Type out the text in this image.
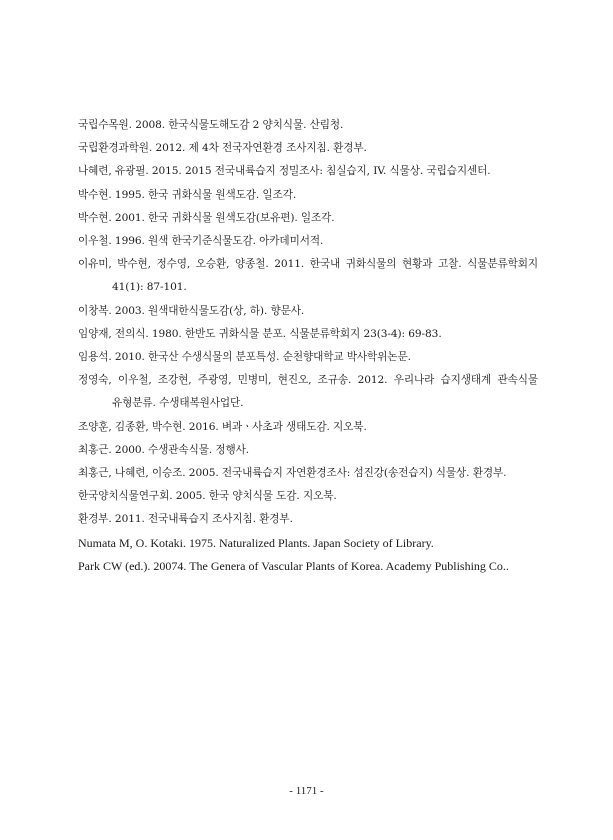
국립수목원. 2008. 한국식물도해도감 2 양치식물. 산림청.
국립환경과학원. 2012. 제 4차 전국자연환경 조사지침. 환경부.
나혜련, 유광필. 2015. 2015 전국내륙습지 정밀조사: 침실습지, IV. 식물상. 국립습지센터.
박수현. 1995. 한국 귀화식물 원색도감. 일조각.
박수현. 2001. 한국 귀화식물 원색도감(보유편). 일조각.
이우철. 1996. 원색 한국기준식물도감. 아카데미서적.
이유미, 박수현, 정수영, 오승환, 양종철. 2011. 한국내 귀화식물의 현황과 고찰. 식물분류학회지 41(1): 87-101.
이창복. 2003. 원색대한식물도감(상, 하). 향문사.
임양재, 전의식. 1980. 한반도 귀화식물 분포. 식물분류학회지 23(3-4): 69-83.
임용석. 2010. 한국산 수생식물의 분포특성. 순천향대학교 박사학위논문.
정영숙, 이우철, 조강현, 주광영, 민병미, 현진오, 조규송. 2012. 우리나라 습지생태계 관속식물 유형분류. 수생태복원사업단.
조양훈, 김종환, 박수현. 2016. 벼과ㆍ사초과 생태도감. 지오북.
최홍근. 2000. 수생관속식물. 정행사.
최홍근, 나혜련, 이승조. 2005. 전국내륙습지 자연환경조사: 섬진강(송전습지) 식물상. 환경부.
한국양치식물연구회. 2005. 한국 양치식물 도감. 지오북.
환경부. 2011. 전국내륙습지 조사지침. 환경부.
Numata M, O. Kotaki. 1975. Naturalized Plants. Japan Society of Library.
Park CW (ed.). 20074. The Genera of Vascular Plants of Korea. Academy Publishing Co..
- 1171 -
